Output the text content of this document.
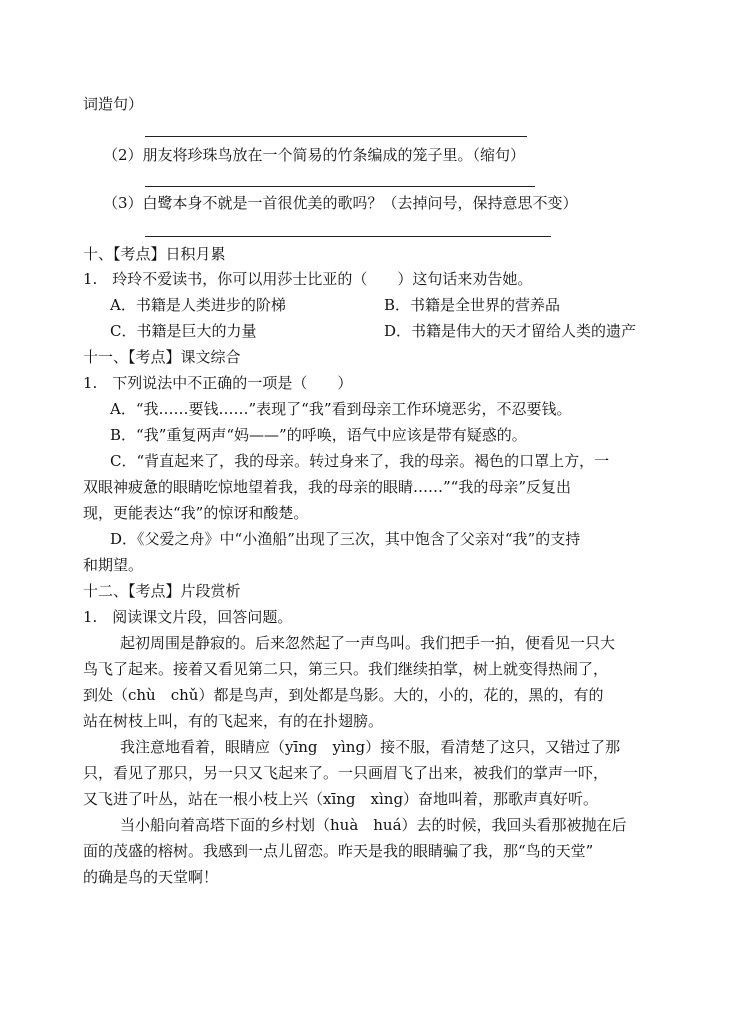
词造句）
（2）朋友将珍珠鸟放在一个简易的竹条编成的笼子里。（缩句）
（3）白鹭本身不就是一首很优美的歌吗？（去掉问号，保持意思不变）
十、【考点】日积月累
1.　玲玲不爱读书，你可以用莎士比亚的（　　）这句话来劝告她。
A．书籍是人类进步的阶梯	B．书籍是全世界的营养品
C．书籍是巨大的力量	D．书籍是伟大的天才留给人类的遗产
十一、【考点】课文综合
1.　下列说法中不正确的一项是（　　）
A．“我……要钱……”表现了“我”看到母亲工作环境恶劣，不忍要钱。
B．“我”重复两声“妈——”的呼唤，语气中应该是带有疑惑的。
C．“背直起来了，我的母亲。转过身来了，我的母亲。褐色的口罩上方，一
双眼神疲惫的眼睛吃惊地望着我，我的母亲的眼睛……”“我的母亲”反复出
现，更能表达“我”的惊讶和酸楚。
D．《父爱之舟》中“小渔船”出现了三次，其中饱含了父亲对“我”的支持
和期望。
十二、【考点】片段赏析
1.　阅读课文片段，回答问题。
起初周围是静寂的。后来忽然起了一声鸟叫。我们把手一拍，便看见一只大
鸟飞了起来。接着又看见第二只，第三只。我们继续拍掌，树上就变得热闹了，
到处（chù　chǔ）都是鸟声，到处都是鸟影。大的，小的，花的，黑的，有的
站在树枝上叫，有的飞起来，有的在扑翅膀。
我注意地看着，眼睛应（yīng　yìng）接不服，看清楚了这只，又错过了那
只，看见了那只，另一只又飞起来了。一只画眉飞了出来，被我们的掌声一吓，
又飞进了叶丛，站在一根小枝上兴（xīng　xìng）奋地叫着，那歌声真好听。
当小船向着高塔下面的乡村划（huà　huá）去的时候，我回头看那被抛在后
面的茂盛的榕树。我感到一点儿留恋。昨天是我的眼睛骗了我，那“鸟的天堂”
的确是鸟的天堂啊！
